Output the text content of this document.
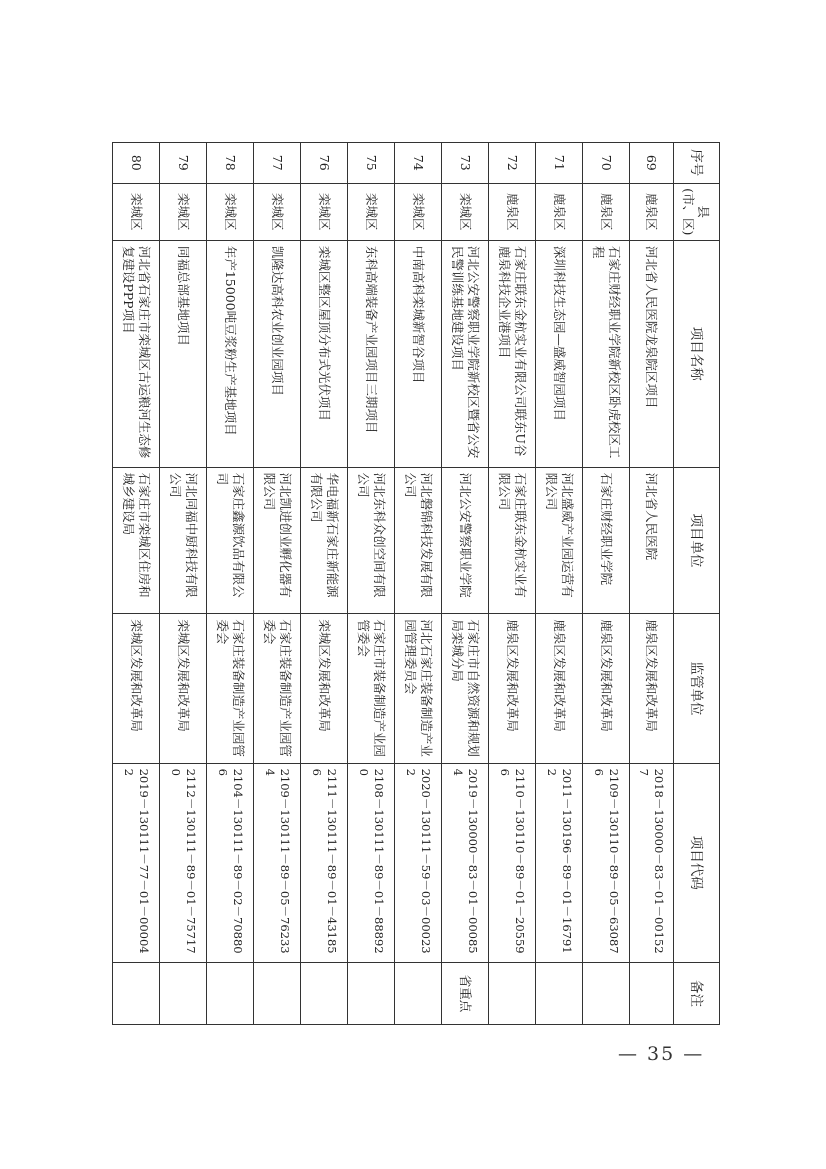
序号	县
(市、区)	项目名称	项目单位	监管单位	项目代码	备注
69	鹿泉区	河北省人民医院龙泉院区项目	河北省人民医院	鹿泉区发展和改革局	2018－130000－83－01－001527	
70	鹿泉区	石家庄财经职业学院新校区卧虎校区工程	石家庄财经职业学院	鹿泉区发展和改革局	2109－130110－89－05－630876	
71	鹿泉区	深圳科技生态园—盛威智园项目	河北盛威产业园运营有限公司	鹿泉区发展和改革局	2011－130196－89－01－167912	
72	鹿泉区	石家庄联东金杭实业有限公司联东U谷鹿泉科技企业港项目	石家庄联东金杭实业有限公司	鹿泉区发展和改革局	2110－130110－89－01－205596	
73	栾城区	河北公安警察职业学院新校区暨省公安民警训练基地建设项目	河北公安警察职业学院	石家庄市自然资源和规划局栾城分局	2019－130000－83－01－000854	省重点
74	栾城区	中南高科栾城新智谷项目	河北磐锦科技发展有限公司	河北石家庄装备制造产业园管理委员会	2020－130111－59－03－000232	
75	栾城区	东科高端装备产业园项目三期项目	河北东科众创空间有限公司	石家庄市装备制造产业园管委会	2108－130111－89－01－888920	
76	栾城区	栾城区整区屋顶分布式光伏项目	华电福新石家庄新能源有限公司	栾城区发展和改革局	2111－130111－89－01－431856	
77	栾城区	凯隆达高科农业创业园项目	河北凯进创业孵化器有限公司	石家庄装备制造产业园管委会	2109－130111－89－05－762334	
78	栾城区	年产15000吨豆浆粉生产基地项目	石家庄鑫源饮品有限公司	石家庄装备制造产业园管委会	2104－130111－89－02－708806	
79	栾城区	同福总部基地项目	河北同福中厨科技有限公司	栾城区发展和改革局	2112－130111－89－01－757170	
80	栾城区	河北省石家庄市栾城区古运粮河生态修复建设PPP项目	石家庄市栾城区住房和城乡建设局	栾城区发展和改革局	2019－130111－77－01－000042	
— 35 —
